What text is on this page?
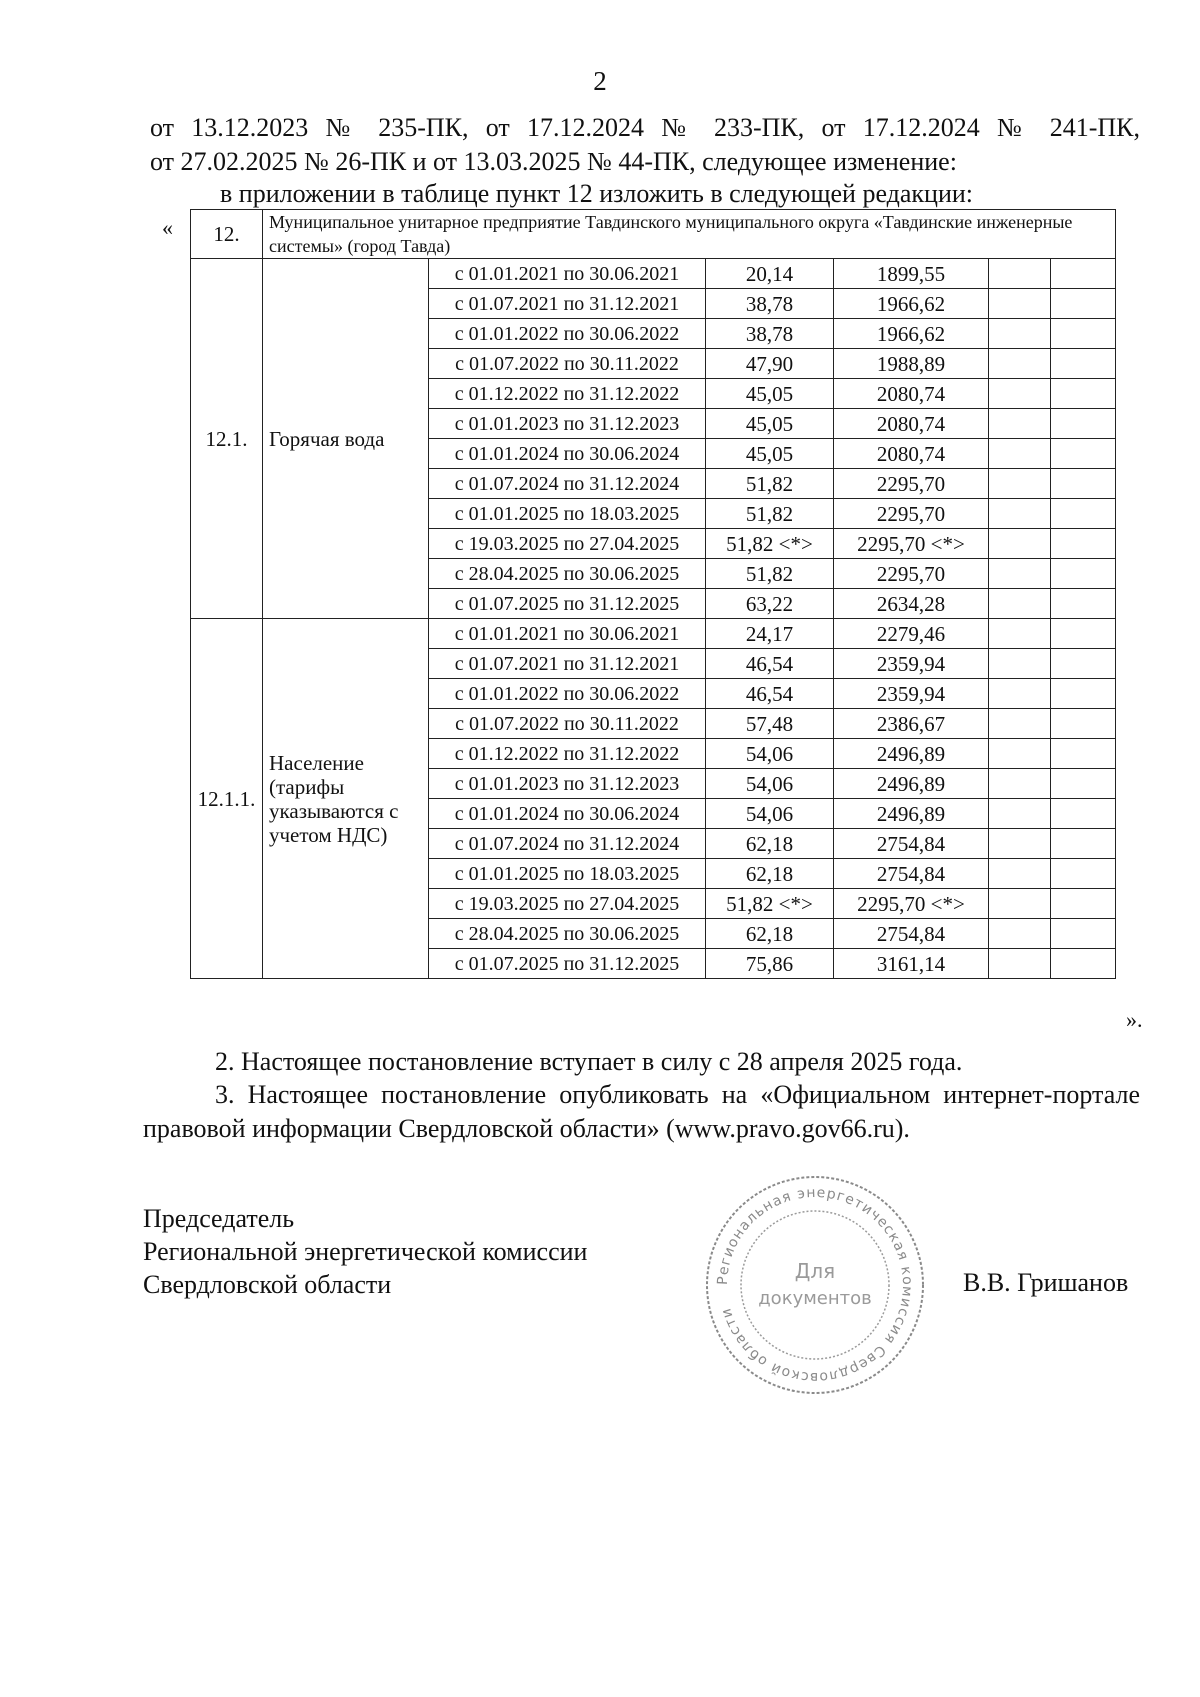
2
от 13.12.2023 № 235-ПК, от 17.12.2024 № 233-ПК, от 17.12.2024 № 241-ПК,
от 27.02.2025 № 26-ПК и от 13.03.2025 № 44-ПК, следующее изменение:
в приложении в таблице пункт 12 изложить в следующей редакции:
« 12.	Муниципальное унитарное предприятие Тавдинского муниципального округа «Тавдинские инженерные системы» (город Тавда)					
12.1.	Горячая вода	с 01.01.2021 по 30.06.2021	20,14	1899,55		
		с 01.07.2021 по 31.12.2021	38,78	1966,62		
		с 01.01.2022 по 30.06.2022	38,78	1966,62		
		с 01.07.2022 по 30.11.2022	47,90	1988,89		
		с 01.12.2022 по 31.12.2022	45,05	2080,74		
		с 01.01.2023 по 31.12.2023	45,05	2080,74		
		с 01.01.2024 по 30.06.2024	45,05	2080,74		
		с 01.07.2024 по 31.12.2024	51,82	2295,70		
		с 01.01.2025 по 18.03.2025	51,82	2295,70		
		с 19.03.2025 по 27.04.2025	51,82 <*>	2295,70 <*>		
		с 28.04.2025 по 30.06.2025	51,82	2295,70		
		с 01.07.2025 по 31.12.2025	63,22	2634,28		
12.1.1.	Население (тарифы указываются с учетом НДС)	с 01.01.2021 по 30.06.2021	24,17	2279,46		
		с 01.07.2021 по 31.12.2021	46,54	2359,94		
		с 01.01.2022 по 30.06.2022	46,54	2359,94		
		с 01.07.2022 по 30.11.2022	57,48	2386,67		
		с 01.12.2022 по 31.12.2022	54,06	2496,89		
		с 01.01.2023 по 31.12.2023	54,06	2496,89		
		с 01.01.2024 по 30.06.2024	54,06	2496,89		
		с 01.07.2024 по 31.12.2024	62,18	2754,84		
		с 01.01.2025 по 18.03.2025	62,18	2754,84		
		с 19.03.2025 по 27.04.2025	51,82 <*>	2295,70 <*>		
		с 28.04.2025 по 30.06.2025	62,18	2754,84		
		с 01.07.2025 по 31.12.2025	75,86	3161,14		
».
2. Настоящее постановление вступает в силу с 28 апреля 2025 года.
3. Настоящее постановление опубликовать на «Официальном интернет-портале правовой информации Свердловской области» (www.pravo.gov66.ru).
Председатель
Региональной энергетической комиссии
Свердловской области	В.В. Гришанов
Региональная энергетическая комиссия Свердловской области
Для
документов
